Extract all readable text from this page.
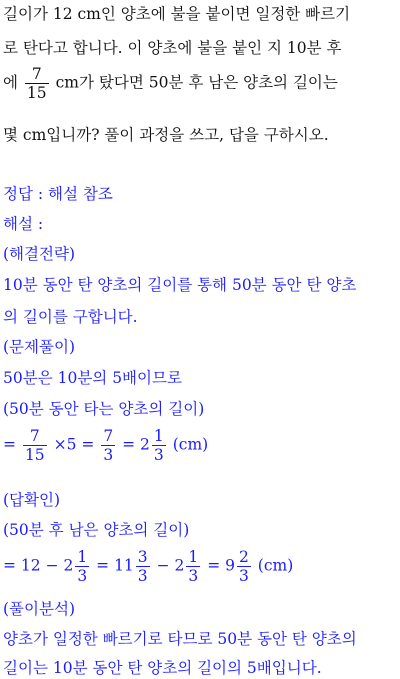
길이가 12 cm인 양초에 불을 붙이면 일정한 빠르기
로 탄다고 합니다. 이 양초에 불을 붙인 지 10분 후
에 $\frac{7}{15}$ cm가 탔다면 50분 후 남은 양초의 길이는
몇 cm입니까? 풀이 과정을 쓰고, 답을 구하시오.
정답 : 해설 참조
해설 :
(해결전략)
10분 동안 탄 양초의 길이를 통해 50분 동안 탄 양초
의 길이를 구합니다.
(문제풀이)
50분은 10분의 5배이므로
(50분 동안 타는 양초의 길이)
= $\frac{7}{15} \times 5 = \frac{7}{3} = 2 \frac{1}{3} (cm)$
(답확인)
(50분 후 남은 양초의 길이)
= $12 - 2 \frac{1}{3} = 11 \frac{3}{3} - 2 \frac{1}{3} = 9 \frac{2}{3} (cm)$
(풀이분석)
양초가 일정한 빠르기로 타므로 50분 동안 탄 양초의
길이는 10분 동안 탄 양초의 길이의 5배입니다.
